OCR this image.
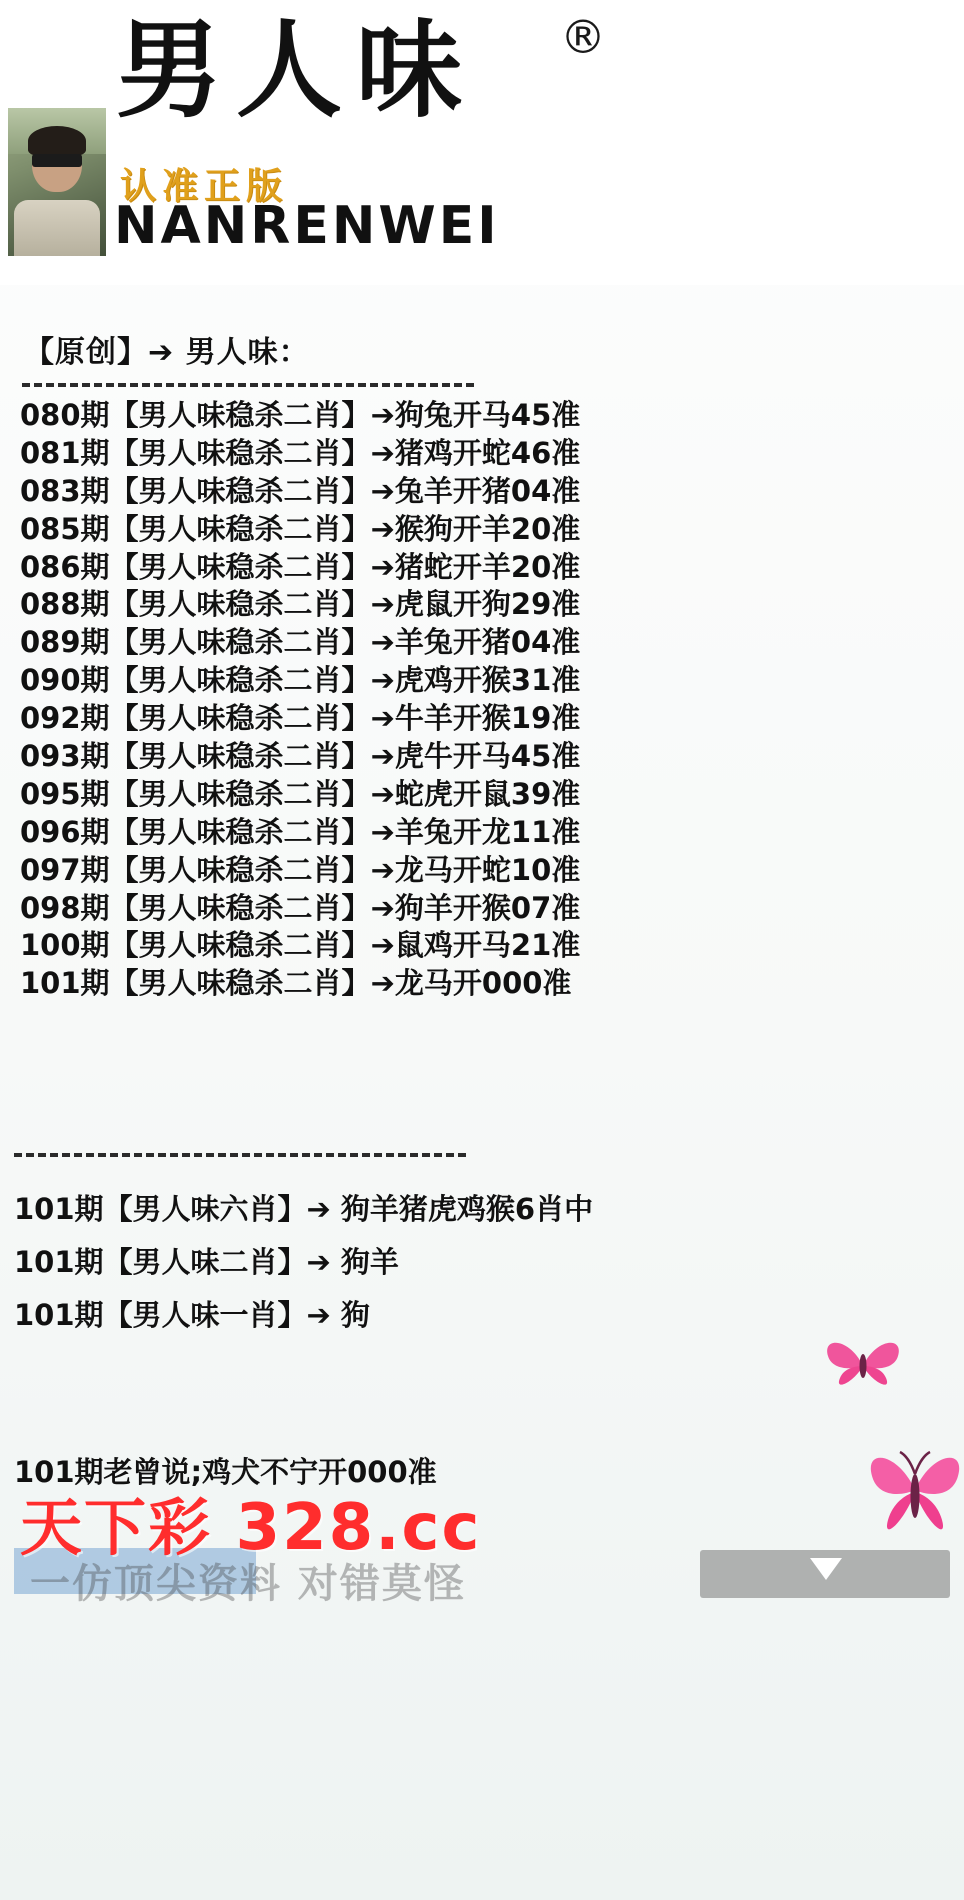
男人味 ®
认准正版
NANRENWEI
【原创】➔ 男人味：
080期	【男人味稳杀二肖】	➔	狗兔	开马45准
081期	【男人味稳杀二肖】	➔	猪鸡	开蛇46准
083期	【男人味稳杀二肖】	➔	兔羊	开猪04准
085期	【男人味稳杀二肖】	➔	猴狗	开羊20准
086期	【男人味稳杀二肖】	➔	猪蛇	开羊20准
088期	【男人味稳杀二肖】	➔	虎鼠	开狗29准
089期	【男人味稳杀二肖】	➔	羊兔	开猪04准
090期	【男人味稳杀二肖】	➔	虎鸡	开猴31准
092期	【男人味稳杀二肖】	➔	牛羊	开猴19准
093期	【男人味稳杀二肖】	➔	虎牛	开马45准
095期	【男人味稳杀二肖】	➔	蛇虎	开鼠39准
096期	【男人味稳杀二肖】	➔	羊兔	开龙11准
097期	【男人味稳杀二肖】	➔	龙马	开蛇10准
098期	【男人味稳杀二肖】	➔	狗羊	开猴07准
100期	【男人味稳杀二肖】	➔	鼠鸡	开马21准
101期	【男人味稳杀二肖】	➔	龙马	开000准
101期【男人味六肖】➔ 狗羊猪虎鸡猴6肖中
101期【男人味二肖】➔ 狗羊
101期【男人味一肖】➔ 狗
101期老曾说;鸡犬不宁开000准
一仿顶尖资料 对错莫怪
天下彩 328.cc
